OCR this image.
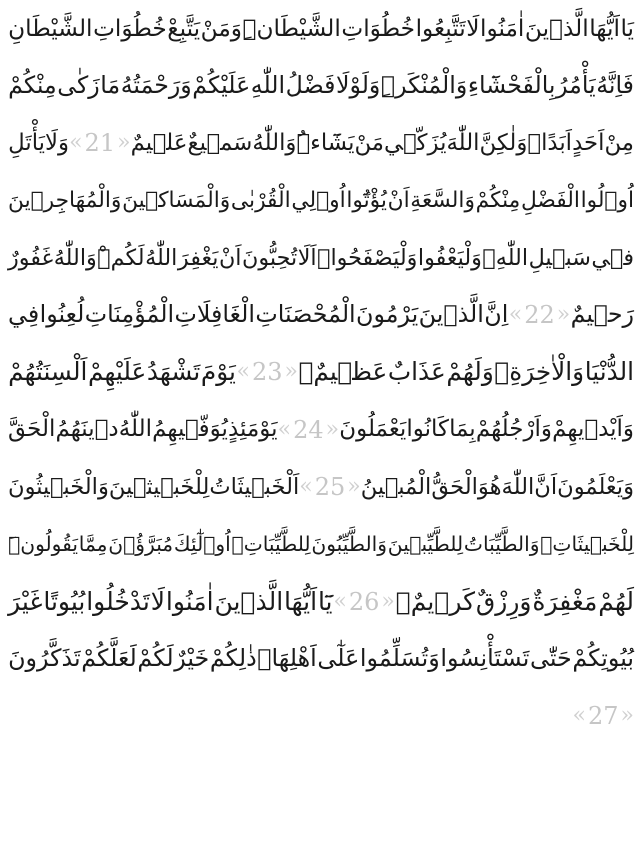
يَا
اَيُّهَا
الَّذ۪ينَ
اٰمَنُوا
لَا
تَتَّبِعُوا
خُطُوَاتِ
الشَّيْطَانِۜ
وَمَنْ
يَتَّبِعْ
خُطُوَاتِ
الشَّيْطَانِ
فَاِنَّهُ
يَأْمُرُ
بِالْفَحْشَٓاءِ
وَالْمُنْكَرِۜ
وَلَوْلَا
فَضْلُ
اللّٰهِ
عَلَيْكُمْ
وَرَحْمَتُهُ
مَا
زَكٰى
مِنْكُمْ
مِنْ
اَحَدٍ
اَبَدًاۙ
وَلٰكِنَّ
اللّٰهَ
يُزَكّ۪ي
مَنْ
يَشَٓاءُۜ
وَاللّٰهُ
سَم۪يعٌ
عَل۪يمٌ
« 21 »
وَلَا
يَأْتَلِ
اُو۬لُوا
الْفَضْلِ
مِنْكُمْ
وَالسَّعَةِ
اَنْ
يُؤْتُٓوا
اُو۬لِي
الْقُرْبٰى
وَالْمَسَاك۪ينَ
وَالْمُهَاجِر۪ينَ
ف۪ي
سَب۪يلِ
اللّٰهِۖ
وَلْيَعْفُوا
وَلْيَصْفَحُواۜ
اَلَا
تُحِبُّونَ
اَنْ
يَغْفِرَ
اللّٰهُ
لَكُمْۜ
وَاللّٰهُ
غَفُورٌ
رَح۪يمٌ
« 22 »
اِنَّ
الَّذ۪ينَ
يَرْمُونَ
الْمُحْصَنَاتِ
الْغَافِلَاتِ
الْمُؤْمِنَاتِ
لُعِنُوا
فِي
الدُّنْيَا
وَالْاٰخِرَةِۖ
وَلَهُمْ
عَذَابٌ
عَظ۪يمٌۙ
« 23 »
يَوْمَ
تَشْهَدُ
عَلَيْهِمْ
اَلْسِنَتُهُمْ
وَاَيْد۪يهِمْ
وَاَرْجُلُهُمْ
بِمَا
كَانُوا
يَعْمَلُونَ
« 24 »
يَوْمَئِذٍ
يُوَفّ۪يهِمُ
اللّٰهُ
د۪ينَهُمُ
الْحَقَّ
وَيَعْلَمُونَ
اَنَّ
اللّٰهَ
هُوَ
الْحَقُّ
الْمُب۪ينُ
« 25 »
اَلْخَب۪يثَاتُ
لِلْخَب۪يث۪ينَ
وَالْخَب۪يثُونَ
لِلْخَب۪يثَاتِۚ
وَالطَّيِّبَاتُ
لِلطَّيِّب۪ينَ
وَالطَّيِّبُونَ
لِلطَّيِّبَاتِۚ
اُو۬لٰٓئِكَ
مُبَرَّؤُ۫نَ
مِمَّا
يَقُولُونَۜ
لَهُمْ
مَغْفِرَةٌ
وَرِزْقٌ
كَر۪يمٌ۟
« 26 »
يَٓا
اَيُّهَا
الَّذ۪ينَ
اٰمَنُوا
لَا
تَدْخُلُوا
بُيُوتًا
غَيْرَ
بُيُوتِكُمْ
حَتّٰى
تَسْتَأْنِسُوا
وَتُسَلِّمُوا
عَلٰٓى
اَهْلِهَاۜ
ذٰلِكُمْ
خَيْرٌ
لَكُمْ
لَعَلَّكُمْ
تَذَكَّرُونَ
« 27 »
